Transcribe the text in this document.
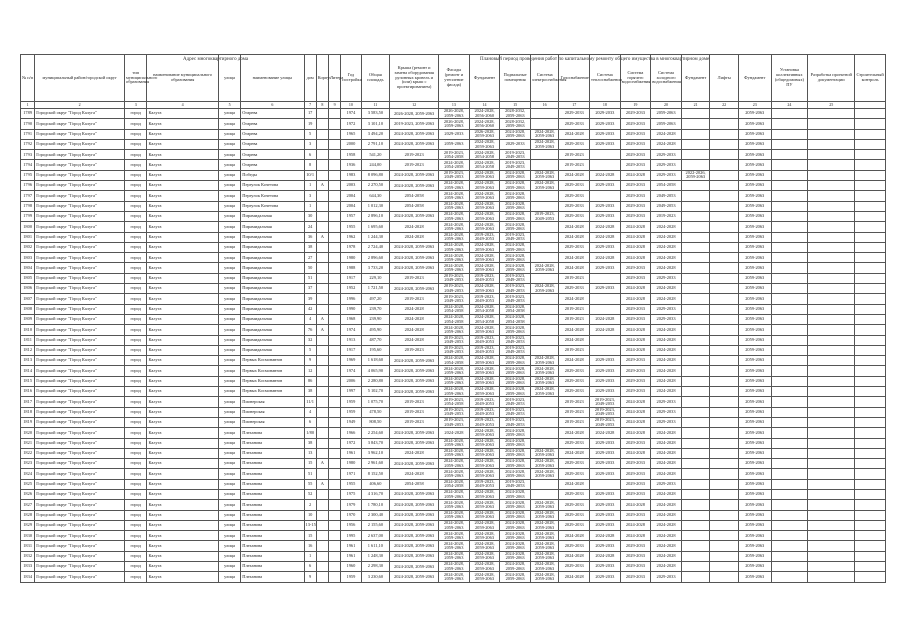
Адрес многоквартирного дома	Плановый период проведения работ по капитальному ремонту общего имущества в многоквартирном доме
№ п/п	муниципальный район/городской округ	тип муниципального образования	наименование муниципального образования	улица	наименование улицы	дом	Корпус	Литера	Год постройки	Общая площадь	Крыша (ремонт и замена оборудования рулонных кровель и (или) крыш с проектированием)	Фасады (ремонт и утепление фасада)	Фундамент	Подвальные помещения	Система электроснабжения	Газоснабжение	Система теплоснабжения	Система горячего водоснабжения	Система холодного водоснабжения	Фундамент	Лифты	Фундамент	Установка коллективных (общедомовых) ПУ	Разработка проектной документации	Строительный контроль
1	2	3	4	5	6	7	8	9	10	11	12	13	14	15	16	17	18	19	20	21	22	23	24	25	
1789	Городской округ "Город Калуга"	город	Калуга	улица	Огарева	17			1974	3 583,50	2026-2028, 2059-2063	2026-2028, 2059-2063	2024-2028, 2056-2060	2028-2032, 2059-2063		2029-2033	2029-2033	2029-2033	2059-2063			2059-2063			
1790	Городской округ "Город Калуга"	город	Калуга	улица	Огарева	19			1972	3 101,10	2019-2023, 2059-2063	2026-2028, 2059-2063	2024-2028, 2056-2060	2028-2032, 2059-2063		2029-2033	2029-2033	2029-2033	2059-2063			2059-2063			
1791	Городской округ "Город Калуга"	город	Калуга	улица	Огарева	5			1965	3 494,20	2024-2028, 2059-2063	2029-2033	2026-2028, 2059-2063	2024-2028, 2059-2063	2024-2028, 2059-2063	2024-2028	2029-2033	2029-2033	2024-2028			2059-2063			
1792	Городской округ "Город Калуга"	город	Калуга	улица	Огарева	3			2000	2 791,10	2024-2028, 2059-2063	2059-2063	2024-2028, 2059-2063	2029-2033	2024-2028, 2059-2063	2029-2033	2029-2033	2029-2033	2024-2028			2059-2063			
1793	Городской округ "Город Калуга"	город	Калуга	улица	Огарева	6			1958	541,20	2019-2023	2019-2023, 2054-2058	2024-2028, 2054-2058	2019-2023, 2049-2053		2019-2023		2029-2033	2029-2033			2059-2063			
1794	Городской округ "Город Калуга"	город	Калуга	улица	Огарева	8			1936	244,00	2019-2023	2024-2028, 2054-2058	2024-2028, 2054-2058	2019-2023, 2049-2053		2019-2023		2029-2033	2029-2033			2059-2063			
1795	Городской округ "Город Калуга"	город	Калуга	улица	Победы	10/1			1983	8 096,80	2024-2028, 2059-2063	2019-2023, 2049-2053	2024-2028, 2059-2063	2024-2028, 2059-2063	2024-2028, 2059-2063	2024-2028	2024-2028	2024-2028	2029-2033	2022-2026, 2059-2063		2059-2063			
1796	Городской округ "Город Калуга"	город	Калуга	улица	Переулок Кочетова	1	А		2003	2 270,50	2024-2028, 2059-2063	2024-2028, 2059-2063	2024-2028, 2059-2063	2024-2028, 2059-2063	2024-2028, 2059-2063	2029-2033	2029-2033	2029-2033	2054-2058			2059-2063			
1797	Городской округ "Город Калуга"	город	Калуга	улица	Переулок Кочетова	3			2004	644,30	2054-2058	2024-2028, 2059-2063	2024-2028, 2059-2063	2024-2028, 2059-2063		2029-2033		2029-2033	2049-2053			2059-2063			
1798	Городской округ "Город Калуга"	город	Калуга	улица	Переулок Кочетова	1			2004	1 012,30	2054-2058	2024-2028, 2059-2063	2024-2028, 2059-2063	2024-2028, 2059-2063		2029-2033	2029-2033	2029-2033	2049-2053			2059-2063			
1799	Городской округ "Город Калуга"	город	Калуга	улица	Пирамидальная	30			1957	2 896,10	2024-2028, 2059-2063	2024-2028, 2059-2063	2024-2028, 2059-2063	2024-2028, 2059-2063	2019-2023, 2049-2053	2029-2033	2029-2033	2029-2033	2019-2023			2059-2063			
1800	Городской округ "Город Калуга"	город	Калуга	улица	Пирамидальная	24			1955	1 695,60	2024-2028	2024-2028, 2059-2063	2024-2028, 2059-2063	2024-2028, 2059-2063		2024-2028	2024-2028	2024-2028	2024-2028			2059-2063			
1801	Городской округ "Город Калуга"	город	Калуга	улица	Пирамидальная	36	А		1962	1 244,30	2024-2028	2024-2028, 2059-2063	2019-2023, 2049-2053	2019-2023, 2049-2053		2024-2028	2024-2028	2024-2028	2024-2028			2059-2063			
1802	Городской округ "Город Калуга"	город	Калуга	улица	Пирамидальная	38			1978	2 724,40	2024-2028, 2059-2063	2024-2028, 2059-2063	2024-2028, 2059-2063	2024-2028, 2059-2063		2029-2033	2029-2033	2024-2028	2024-2028			2059-2063			
1803	Городской округ "Город Калуга"	город	Калуга	улица	Пирамидальная	27			1980	2 896,60	2024-2028, 2059-2063	2024-2028, 2059-2063	2024-2028, 2059-2063	2024-2028, 2059-2063		2024-2028	2024-2028	2024-2028	2024-2028			2059-2063			
1804	Городской округ "Город Калуга"	город	Калуга	улица	Пирамидальная	50			1988	3 733,20	2024-2028, 2059-2063	2024-2028, 2059-2063	2024-2028, 2059-2063	2024-2028, 2059-2063	2024-2028, 2059-2063	2024-2028	2029-2033	2029-2033	2024-2028			2059-2063			
1805	Городской округ "Город Калуга"	город	Калуга	улица	Пирамидальная	51			1917	229,10	2019-2023	2019-2023, 2049-2053	2019-2023, 2049-2053	2019-2023, 2049-2053		2019-2023		2029-2033	2029-2033			2059-2063			
1806	Городской округ "Город Калуга"	город	Калуга	улица	Пирамидальная	37			1952	1 721,50	2024-2028, 2059-2063	2019-2023, 2049-2053	2024-2028, 2059-2063	2019-2023, 2049-2053	2024-2028, 2059-2063	2029-2033	2029-2033	2024-2028	2024-2028			2059-2063			
1807	Городской округ "Город Калуга"	город	Калуга	улица	Пирамидальная	39			1996	497,20	2019-2023	2019-2023, 2049-2053	2019-2023, 2049-2053	2019-2023, 2049-2053		2024-2028		2024-2028	2024-2028			2059-2063			
1808	Городской округ "Город Калуга"	город	Калуга	улица	Пирамидальная	42			1990	239,70	2024-2028	2024-2028, 2054-2058	2024-2028, 2054-2058	2024-2028, 2054-2058		2019-2023		2029-2033	2029-2033			2059-2063			
1809	Городской округ "Город Калуга"	город	Калуга	улица	Пирамидальная	4	А		1968	239,90	2024-2028	2024-2028, 2054-2058	2024-2028, 2054-2058	2024-2028, 2054-2058		2019-2023	2024-2028	2029-2033	2029-2033			2059-2063			
1810	Городской округ "Город Калуга"	город	Калуга	улица	Пирамидальная	76	А		1974	495,90	2024-2028	2024-2028, 2059-2063	2024-2028, 2059-2063	2024-2028, 2059-2063		2024-2028	2024-2028	2024-2028	2024-2028			2059-2063			
1811	Городской округ "Город Калуга"	город	Калуга	улица	Пирамидальная	32			1913	487,70	2024-2028	2019-2023, 2049-2053	2019-2023, 2049-2053	2019-2023, 2049-2053		2024-2028		2024-2028	2024-2028			2059-2063			
1812	Городской округ "Город Калуга"	город	Калуга	улица	Пирамидальная	5			1917	195,60	2019-2023	2019-2023, 2049-2053	2019-2023, 2049-2053	2019-2023, 2049-2053		2019-2023		2024-2028	2024-2028			2059-2063			
1813	Городской округ "Город Калуга"	город	Калуга	улица	Первых Космонавтов	9			1969	1 618,60	2024-2028, 2059-2063	2024-2028, 2054-2058	2024-2028, 2059-2063	2024-2028, 2059-2063	2024-2028, 2059-2063	2024-2028	2029-2033	2029-2033	2024-2028			2059-2063			
1814	Городской округ "Город Калуга"	город	Калуга	улица	Первых Космонавтов	12			1974	4 065,90	2024-2028, 2059-2063	2024-2028, 2059-2063	2024-2028, 2059-2063	2024-2028, 2059-2063	2024-2028, 2059-2063	2029-2033	2029-2033	2029-2033	2024-2028			2059-2063			
1815	Городской округ "Город Калуга"	город	Калуга	улица	Первых Космонавтов	86			2006	2 280,80	2024-2028, 2059-2063	2024-2028, 2059-2063	2024-2028, 2059-2063	2024-2028, 2059-2063	2024-2028, 2059-2063	2029-2033	2029-2033	2029-2033	2024-2028			2059-2063			
1816	Городской округ "Город Калуга"	город	Калуга	улица	Первых Космонавтов	38			1997	5 102,70	2024-2028, 2059-2063	2024-2028, 2059-2063	2024-2028, 2059-2063	2024-2028, 2059-2063	2024-2028, 2059-2063	2029-2033	2029-2033	2029-2033	2024-2028			2059-2063			
1817	Городской округ "Город Калуга"	город	Калуга	улица	Пионерская	11/1			1959	1 075,70	2019-2023	2019-2023, 2054-2058	2019-2023, 2049-2053	2019-2023, 2049-2053		2019-2023	2019-2023, 2049-2053	2024-2028	2029-2033			2059-2063			
1818	Городской округ "Город Калуга"	город	Калуга	улица	Пионерская	4			1959	478,50	2019-2023	2019-2023, 2049-2053	2019-2023, 2049-2053	2019-2023, 2049-2053		2019-2023	2019-2023, 2049-2053	2024-2028	2029-2033			2059-2063			
1819	Городской округ "Город Калуга"	город	Калуга	улица	Пионерская	6			1949	808,50	2019-2023	2019-2023, 2049-2053	2019-2023, 2049-2053	2019-2023, 2049-2053		2019-2023	2019-2023, 2049-2053	2024-2028	2029-2033			2059-2063			
1820	Городской округ "Город Калуга"	город	Калуга	улица	Плеханова	1/80			1966	2 254,60	2024-2028, 2059-2063	2024-2028	2024-2028, 2059-2063	2024-2028, 2059-2063		2024-2028	2024-2028	2024-2028	2024-2028			2059-2063			
1821	Городской округ "Город Калуга"	город	Калуга	улица	Плеханова	38			1972	3 843,70	2024-2028, 2059-2063	2024-2028, 2059-2063	2024-2028, 2059-2063	2024-2028, 2059-2063		2029-2033	2029-2033	2029-2033	2024-2028			2059-2063			
1822	Городской округ "Город Калуга"	город	Калуга	улица	Плеханова	13			1961	3 962,10	2024-2028	2024-2028, 2059-2063	2024-2028, 2059-2063	2024-2028, 2059-2063	2024-2028, 2059-2063	2024-2028	2029-2033	2024-2028	2024-2028			2059-2063			
1823	Городской округ "Город Калуга"	город	Калуга	улица	Плеханова	15	А		1980	2 961,60	2024-2028, 2059-2063	2024-2028, 2059-2063	2024-2028, 2059-2063	2024-2028, 2059-2063	2024-2028, 2059-2063	2029-2033	2029-2033	2029-2033	2024-2028			2059-2063			
1824	Городской округ "Город Калуга"	город	Калуга	улица	Плеханова	51			1971	8 152,50	2024-2028	2024-2028, 2059-2063	2024-2028, 2059-2063	2024-2028, 2059-2063	2024-2028, 2059-2063	2029-2033	2029-2033	2029-2033	2024-2028			2059-2063			
1825	Городской округ "Город Калуга"	город	Калуга	улица	Плеханова	55	А		1955	406,60	2054-2058	2024-2028, 2054-2058	2019-2023, 2049-2053	2019-2023, 2049-2053		2024-2028		2029-2033	2029-2033			2059-2063			
1826	Городской округ "Город Калуга"	город	Калуга	улица	Плеханова	52			1975	4 316,70	2024-2028, 2059-2063	2024-2028, 2059-2063	2024-2028, 2059-2063	2024-2028, 2059-2063		2029-2033	2029-2033	2029-2033	2024-2028			2059-2063			
1827	Городской округ "Город Калуга"	город	Калуга	улица	Плеханова	2			1979	1 780,10	2024-2028, 2059-2063	2024-2028, 2059-2063	2024-2028, 2059-2063	2024-2028, 2059-2063	2024-2028, 2059-2063	2029-2033	2029-2033	2024-2028	2024-2028			2059-2063			
1828	Городской округ "Город Калуга"	город	Калуга	улица	Плеханова	10			1970	2 300,40	2024-2028, 2059-2063	2024-2028, 2059-2063	2024-2028, 2059-2063	2024-2028, 2059-2063	2024-2028, 2059-2063	2029-2033	2029-2033	2029-2033	2024-2028			2059-2063			
1829	Городской округ "Город Калуга"	город	Калуга	улица	Плеханова	13-15			1956	2 155,60	2024-2028, 2059-2063	2024-2028, 2059-2063	2024-2028, 2059-2063	2024-2028, 2059-2063	2024-2028, 2059-2063	2029-2033	2029-2033	2024-2028	2024-2028			2059-2063			
1830	Городской округ "Город Калуга"	город	Калуга	улица	Плеханова	15			1995	2 637,00	2024-2028, 2059-2063	2024-2028, 2059-2063	2024-2028, 2059-2063	2024-2028, 2059-2063	2024-2028, 2059-2063	2024-2028	2024-2028	2024-2028	2024-2028			2059-2063			
1831	Городской округ "Город Калуга"	город	Калуга	улица	Плеханова	16			1961	1 611,10	2024-2028, 2059-2063	2024-2028, 2059-2063	2024-2028, 2059-2063	2024-2028, 2059-2063	2024-2028, 2059-2063	2029-2033	2029-2033	2029-2033	2024-2028			2059-2063			
1832	Городской округ "Город Калуга"	город	Калуга	улица	Плеханова	1			1961	1 248,30	2024-2028, 2059-2063	2024-2028, 2059-2063	2024-2028, 2059-2063	2024-2028, 2059-2063	2024-2028, 2059-2063	2024-2028	2024-2028	2029-2033	2024-2028			2059-2063			
1833	Городской округ "Город Калуга"	город	Калуга	улица	Плеханова	6			1960	2 298,30	2024-2028, 2059-2063	2024-2028, 2059-2063	2024-2028, 2059-2063	2024-2028, 2059-2063	2024-2028, 2059-2063	2029-2033	2029-2033	2029-2033	2024-2028			2059-2063			
1834	Городской округ "Город Калуга"	город	Калуга	улица	Плеханова	9			1959	3 230,60	2024-2028, 2059-2063	2024-2028, 2059-2063	2024-2028, 2059-2063	2024-2028, 2059-2063	2024-2028, 2059-2063	2024-2028	2029-2033	2029-2033	2029-2033			2059-2063			
